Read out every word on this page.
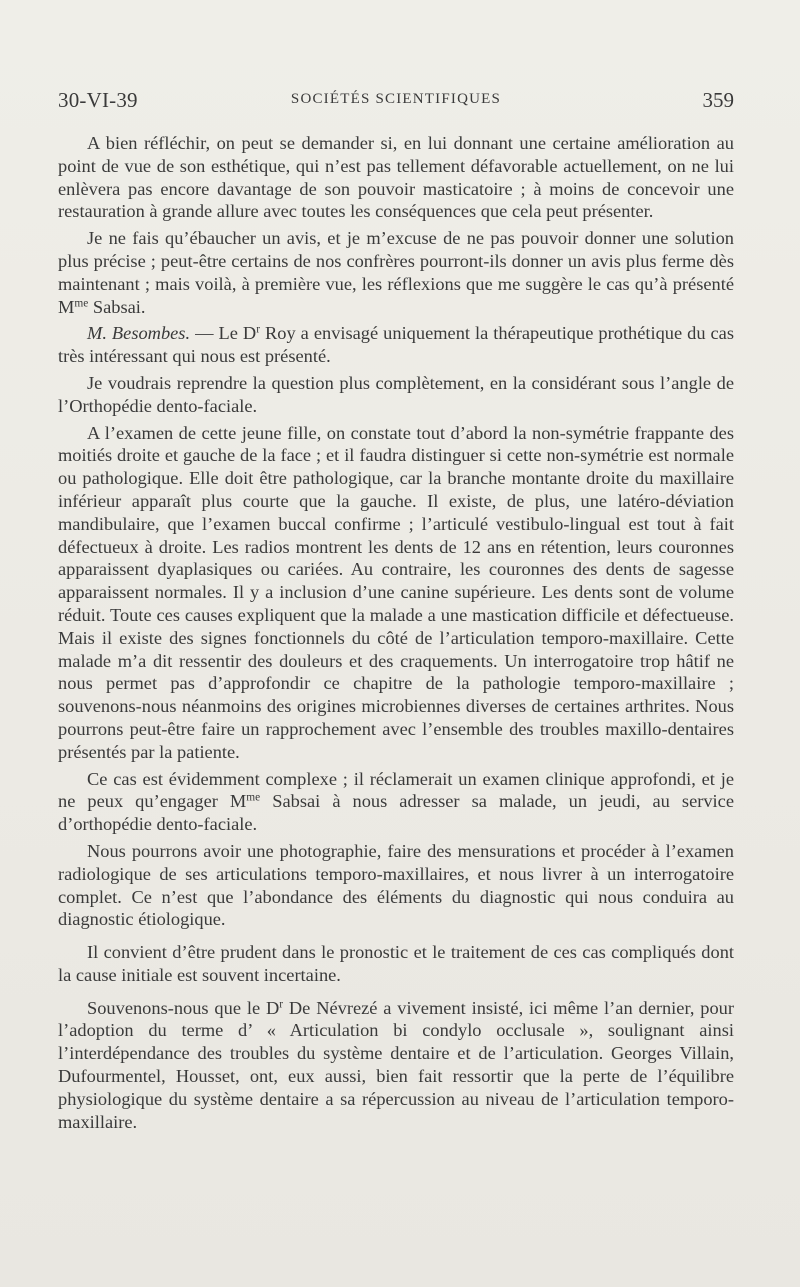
30-VI-39	SOCIÉTÉS SCIENTIFIQUES	359

A bien réfléchir, on peut se demander si, en lui donnant une certaine amélioration au point de vue de son esthétique, qui n’est pas tellement défavorable actuellement, on ne lui enlèvera pas encore davantage de son pouvoir masticatoire ; à moins de concevoir une restauration à grande allure avec toutes les conséquences que cela peut présenter.

Je ne fais qu’ébaucher un avis, et je m’excuse de ne pas pouvoir donner une solution plus précise ; peut-être certains de nos confrères pourront-ils donner un avis plus ferme dès maintenant ; mais voilà, à première vue, les réflexions que me suggère le cas qu’à présenté $M^{me}$ Sabsai.

M. Besombes. — Le $D^r$ Roy a envisagé uniquement la thérapeutique prothétique du cas très intéressant qui nous est présenté.

Je voudrais reprendre la question plus complètement, en la considérant sous l’angle de l’Orthopédie dento-faciale.

A l’examen de cette jeune fille, on constate tout d’abord la non-symétrie frappante des moitiés droite et gauche de la face ; et il faudra distinguer si cette non-symétrie est normale ou pathologique. Elle doit être pathologique, car la branche montante droite du maxillaire inférieur apparaît plus courte que la gauche. Il existe, de plus, une latéro-déviation mandibulaire, que l’examen buccal confirme ; l’articulé vestibulo-lingual est tout à fait défectueux à droite. Les radios montrent les dents de 12 ans en rétention, leurs couronnes apparaissent dyaplasiques ou cariées. Au contraire, les couronnes des dents de sagesse apparaissent normales. Il y a inclusion d’une canine supérieure. Les dents sont de volume réduit. Toute ces causes expliquent que la malade a une mastication difficile et défectueuse. Mais il existe des signes fonctionnels du côté de l’articulation temporo-maxillaire. Cette malade m’a dit ressentir des douleurs et des craquements. Un interrogatoire trop hâtif ne nous permet pas d’approfondir ce chapitre de la pathologie temporo-maxillaire ; souvenons-nous néanmoins des origines microbiennes diverses de certaines arthrites. Nous pourrons peut-être faire un rapprochement avec l’ensemble des troubles maxillo-dentaires présentés par la patiente.

Ce cas est évidemment complexe ; il réclamerait un examen clinique approfondi, et je ne peux qu’engager $M^{me}$ Sabsai à nous adresser sa malade, un jeudi, au service d’orthopédie dento-faciale.

Nous pourrons avoir une photographie, faire des mensurations et procéder à l’examen radiologique de ses articulations temporo-maxillaires, et nous livrer à un interrogatoire complet. Ce n’est que l’abondance des éléments du diagnostic qui nous conduira au diagnostic étiologique.

Il convient d’être prudent dans le pronostic et le traitement de ces cas compliqués dont la cause initiale est souvent incertaine.

Souvenons-nous que le $D^r$ De Névrezé a vivement insisté, ici même l’an dernier, pour l’adoption du terme d’ « Articulation bi condylo occlusale », soulignant ainsi l’interdépendance des troubles du système dentaire et de l’articulation. Georges Villain, Dufourmentel, Housset, ont, eux aussi, bien fait ressortir que la perte de l’équilibre physiologique du système dentaire a sa répercussion au niveau de l’articulation temporo-maxillaire.
